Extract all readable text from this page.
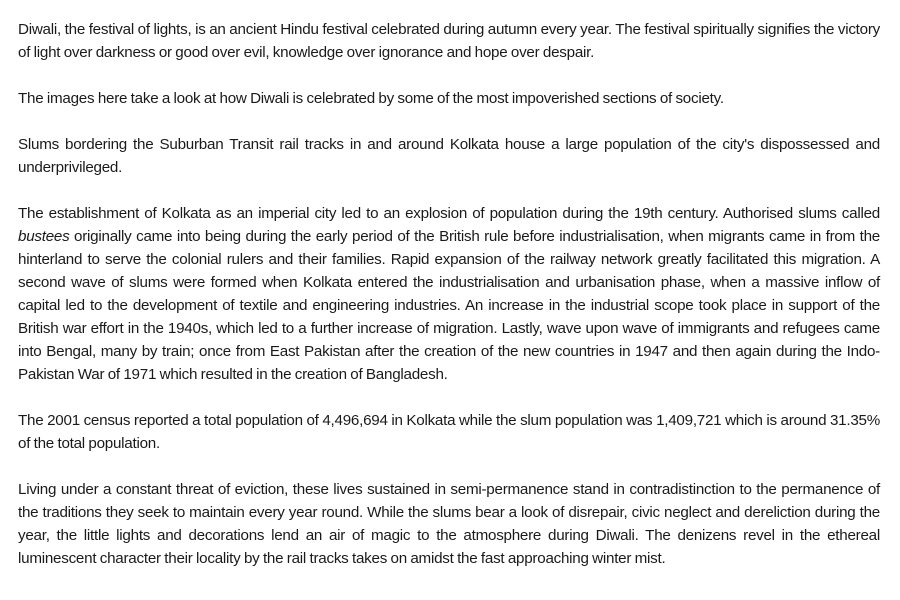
Diwali, the festival of lights, is an ancient Hindu festival celebrated during autumn every year. The festival spiritually signifies the victory of light over darkness or good over evil, knowledge over ignorance and hope over despair.

The images here take a look at how Diwali is celebrated by some of the most impoverished sections of society.

Slums bordering the Suburban Transit rail tracks in and around Kolkata house a large population of the city's dispossessed and underprivileged.

The establishment of Kolkata as an imperial city led to an explosion of population during the 19th century. Authorised slums called bustees originally came into being during the early period of the British rule before industrialisation, when migrants came in from the hinterland to serve the colonial rulers and their families. Rapid expansion of the railway network greatly facilitated this migration. A second wave of slums were formed when Kolkata entered the industrialisation and urbanisation phase, when a massive inflow of capital led to the development of textile and engineering industries. An increase in the industrial scope took place in support of the British war effort in the 1940s, which led to a further increase of migration. Lastly, wave upon wave of immigrants and refugees came into Bengal, many by train; once from East Pakistan after the creation of the new countries in 1947 and then again during the Indo-Pakistan War of 1971 which resulted in the creation of Bangladesh.

The 2001 census reported a total population of 4,496,694 in Kolkata while the slum population was 1,409,721 which is around 31.35% of the total population.

Living under a constant threat of eviction, these lives sustained in semi-permanence stand in contradistinction to the permanence of the traditions they seek to maintain every year round. While the slums bear a look of disrepair, civic neglect and dereliction during the year, the little lights and decorations lend an air of magic to the atmosphere during Diwali. The denizens revel in the ethereal luminescent character their locality by the rail tracks takes on amidst the fast approaching winter mist.
